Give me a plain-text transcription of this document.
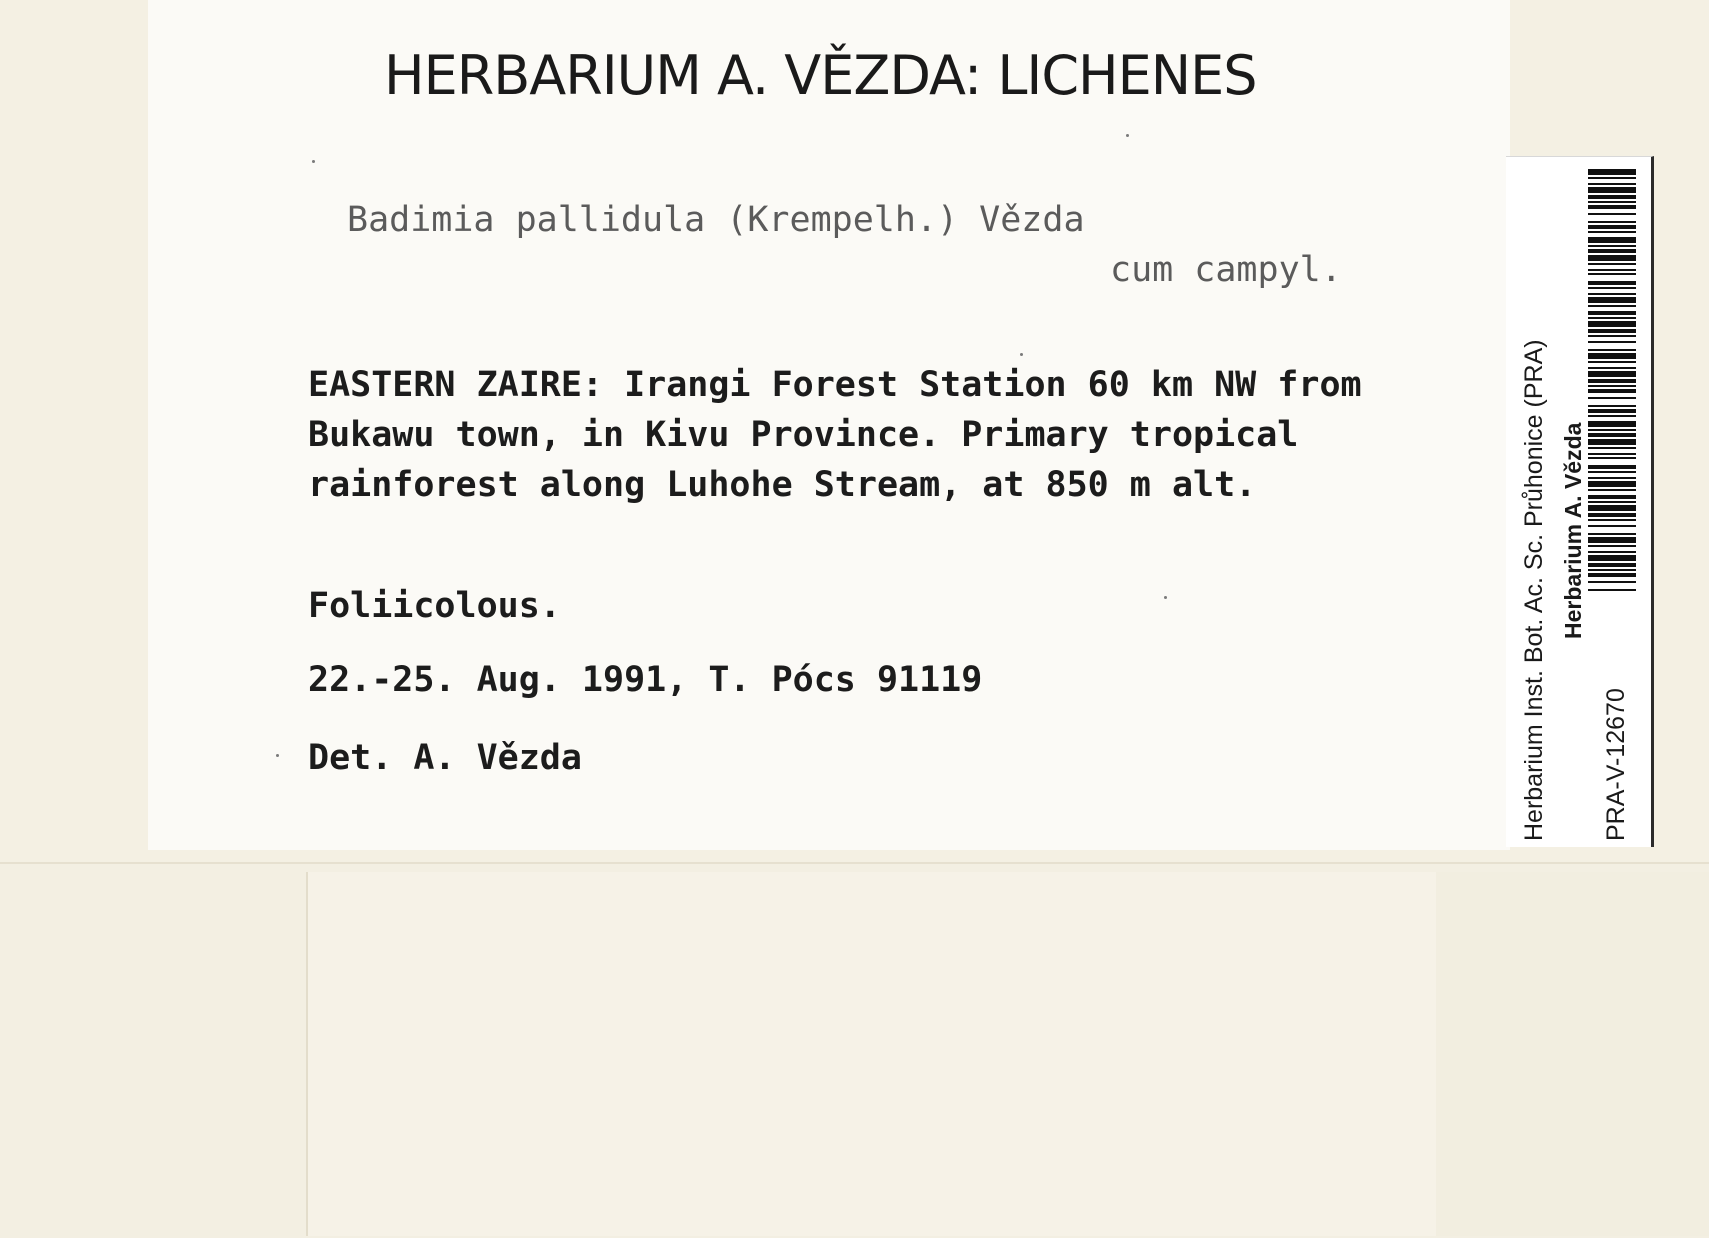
HERBARIUM A. VĚZDA: LICHENES

Badimia pallidula (Krempelh.) Vězda

cum campyl.

EASTERN ZAIRE: Irangi Forest Station 60 km NW from Bukawu town, in Kivu Province. Primary tropical rainforest along Luhohe Stream, at 850 m alt.

Foliicolous.

22.-25. Aug. 1991, T. Pócs 91119

Det. A. Vězda	Herbarium Inst. Bot. Ac. Sc. Průhonice (PRA) Herbarium A. Vězda

PRA-V-12670
